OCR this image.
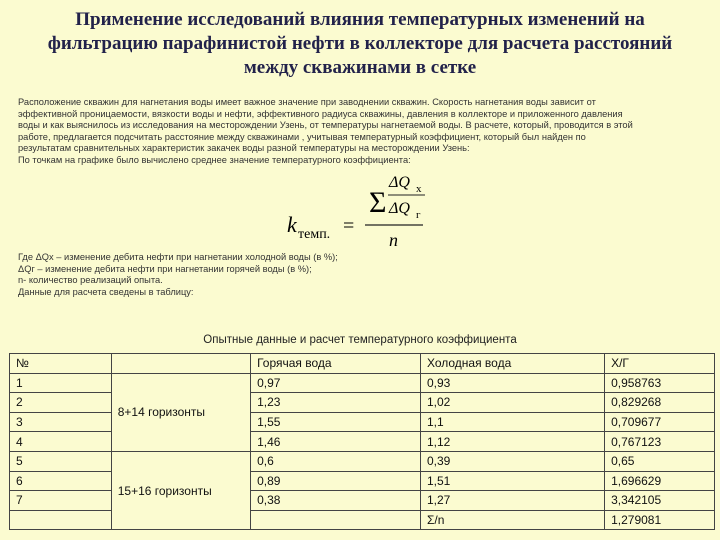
Применение исследований влияния температурных изменений на фильтрацию парафинистой нефти в коллекторе для расчета расстояний между скважинами в сетке
Расположение скважин для нагнетания воды имеет важное значение при заводнении скважин. Скорость нагнетания воды зависит от
эффективной проницаемости, вязкости воды и нефти, эффективного радиуса скважины, давления в коллекторе и приложенного давления
воды и как выяснилось из исследования на месторождении Узень, от температуры нагнетаемой воды. В расчете, который, проводится в этой
работе, предлагается подсчитать расстояние между скважинами , учитывая температурный коэффициент, который был найден по
результатам сравнительных характеристик закачек воды разной температуры на месторождении Узень:
По точкам на графике было вычислено среднее значение температурного коэффициента:
k темп. =
Σ
ΔQ х
ΔQ г
n
Где ΔQх – изменение дебита нефти при нагнетании холодной воды (в %);
ΔQг – изменение дебита нефти при нагнетании горячей воды (в %);
n- количество реализаций опыта.
Данные для расчета сведены в таблицу:
Опытные данные и расчет температурного коэффициента
№		Горячая вода	Холодная вода	Х/Г
1	8+14 горизонты	0,97	0,93	0,958763
2		1,23	1,02	0,829268
3		1,55	1,1	0,709677
4		1,46	1,12	0,767123
5	15+16 горизонты	0,6	0,39	0,65
6		0,89	1,51	1,696629
7		0,38	1,27	3,342105
			Σ/n	1,279081
